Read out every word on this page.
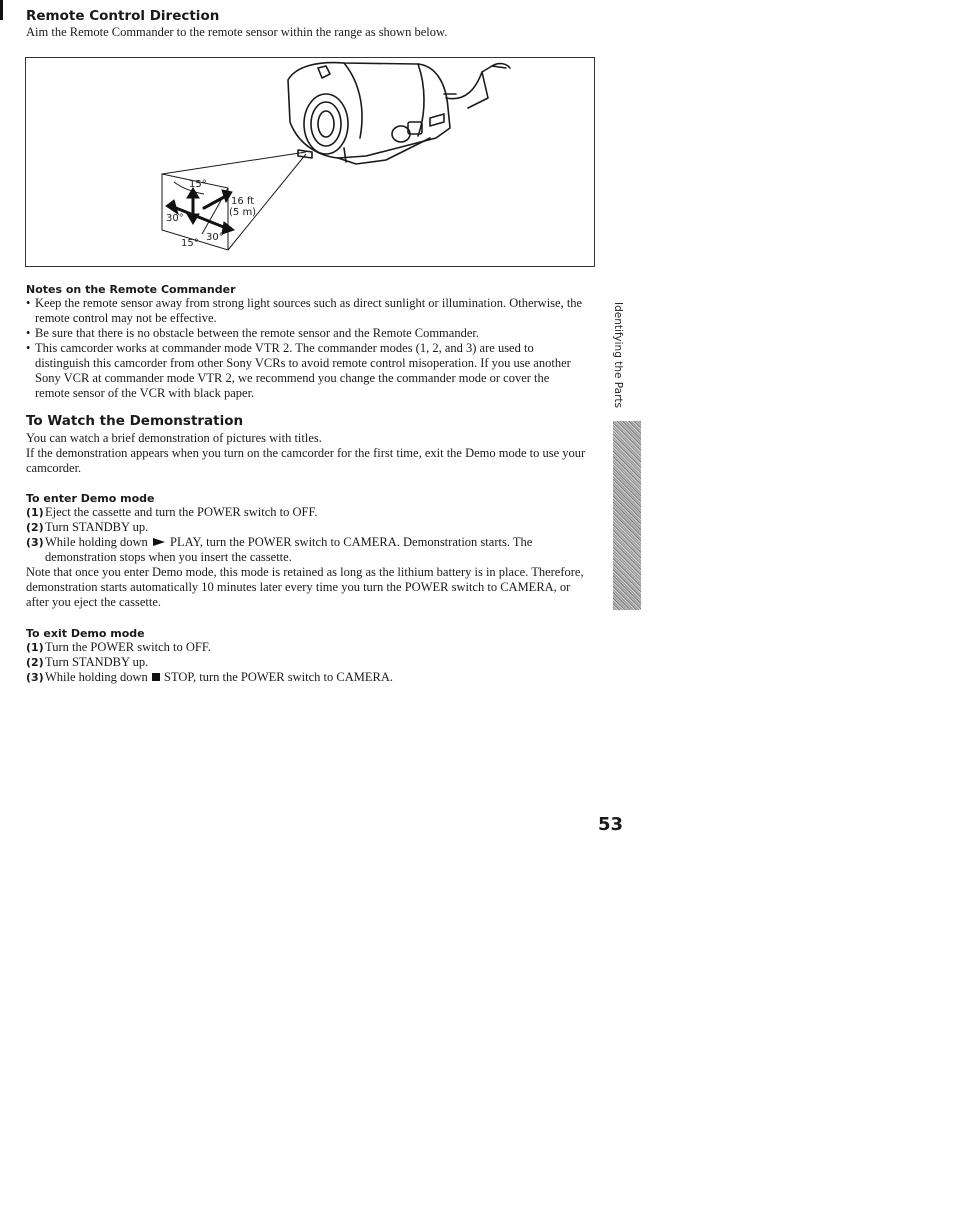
Remote Control Direction
Aim the Remote Commander to the remote sensor within the range as shown below.
15°
30°
30°
15°
16 ft
(5 m)
Notes on the Remote Commander
• Keep the remote sensor away from strong light sources such as direct sunlight or illumination. Otherwise, the remote control may not be effective.
• Be sure that there is no obstacle between the remote sensor and the Remote Commander.
• This camcorder works at commander mode VTR 2. The commander modes (1, 2, and 3) are used to distinguish this camcorder from other Sony VCRs to avoid remote control misoperation. If you use another Sony VCR at commander mode VTR 2, we recommend you change the commander mode or cover the remote sensor of the VCR with black paper.
To Watch the Demonstration
You can watch a brief demonstration of pictures with titles.
If the demonstration appears when you turn on the camcorder for the first time, exit the Demo mode to use your camcorder.
To enter Demo mode
(1) Eject the cassette and turn the POWER switch to OFF.
(2) Turn STANDBY up.
(3) While holding down PLAY, turn the POWER switch to CAMERA. Demonstration starts. The demonstration stops when you insert the cassette.
Note that once you enter Demo mode, this mode is retained as long as the lithium battery is in place. Therefore, demonstration starts automatically 10 minutes later every time you turn the POWER switch to CAMERA, or after you eject the cassette.
To exit Demo mode
(1) Turn the POWER switch to OFF.
(2) Turn STANDBY up.
(3) While holding down STOP, turn the POWER switch to CAMERA.
Identifying the Parts
53
